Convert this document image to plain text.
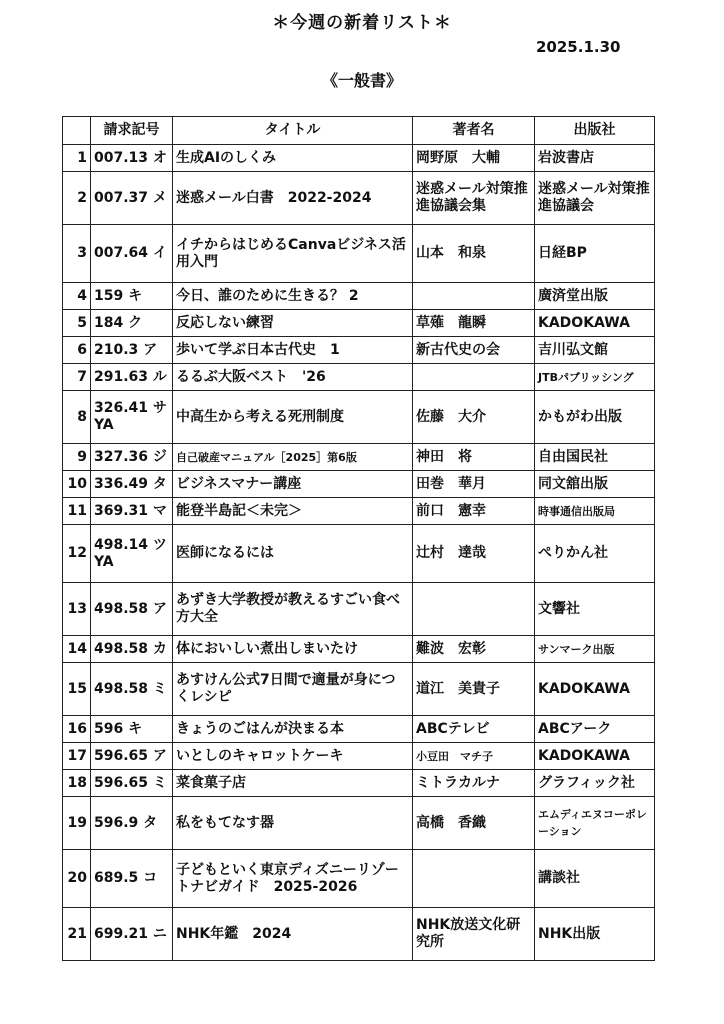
＊今週の新着リスト＊
2025.1.30
《一般書》
	請求記号	タイトル	著者名	出版社
1	007.13 オ	生成AIのしくみ	岡野原　大輔	岩波書店
2	007.37 メ	迷惑メール白書　2022-2024	迷惑メール対策推進協議会集	迷惑メール対策推進協議会
3	007.64 イ	イチからはじめるCanvaビジネス活用入門	山本　和泉	日経BP
4	159 キ	今日、誰のために生きる？ 2		廣済堂出版
5	184 ク	反応しない練習	草薙　龍瞬	KADOKAWA
6	210.3 ア	歩いて学ぶ日本古代史　1	新古代史の会	吉川弘文館
7	291.63 ル	るるぶ大阪ベスト　'26		JTBパブリッシング
8	326.41 サ YA	中高生から考える死刑制度	佐藤　大介	かもがわ出版
9	327.36 ジ	自己破産マニュアル［2025］第6版	神田　将	自由国民社
10	336.49 タ	ビジネスマナー講座	田巻　華月	同文舘出版
11	369.31 マ	能登半島記＜未完＞	前口　憲幸	時事通信出版局
12	498.14 ツ YA	医師になるには	辻村　達哉	ぺりかん社
13	498.58 ア	あずき大学教授が教えるすごい食べ方大全		文響社
14	498.58 カ	体においしい煮出しまいたけ	難波　宏彰	サンマーク出版
15	498.58 ミ	あすけん公式7日間で適量が身につくレシピ	道江　美貴子	KADOKAWA
16	596 キ	きょうのごはんが決まる本	ABCテレビ	ABCアーク
17	596.65 ア	いとしのキャロットケーキ	小豆田　マチ子	KADOKAWA
18	596.65 ミ	菜食菓子店	ミトラカルナ	グラフィック社
19	596.9 タ	私をもてなす器	高橋　香織	エムディエヌコーポレーション
20	689.5 コ	子どもといく東京ディズニーリゾートナビガイド　2025-2026		講談社
21	699.21 ニ	NHK年鑑　2024	NHK放送文化研究所	NHK出版
